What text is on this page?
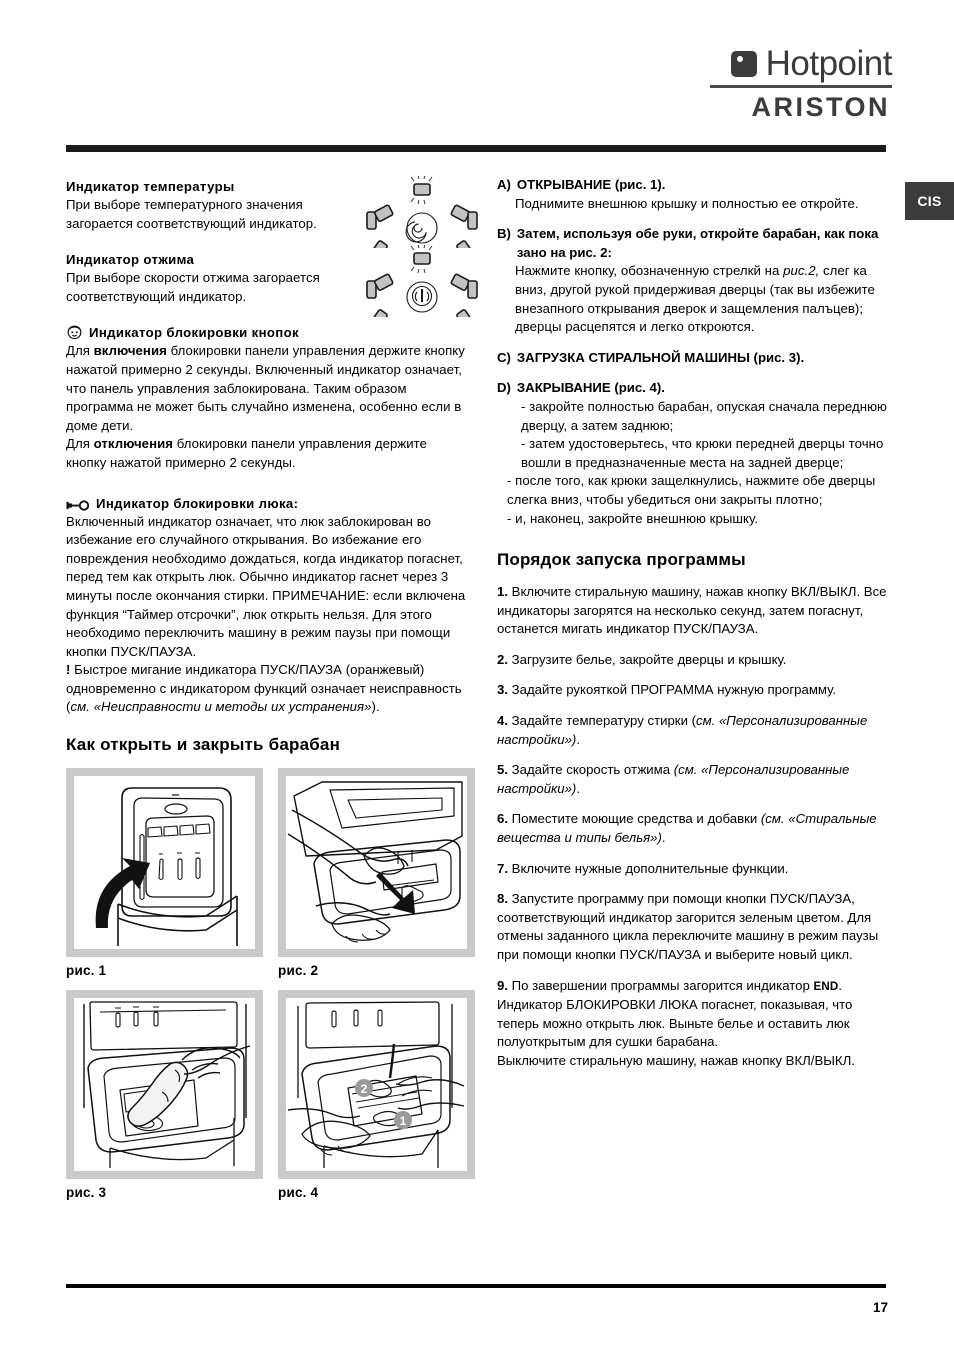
Hotpoint
ARISTON
CIS
Индикатор температуры

При выборе температурного значения загорается соответствующий индикатор.

Индикатор отжима

При выборе скорости отжима загорается соответствующий индикатор.

Индикатор блокировки кнопок

Для включения блокировки панели управления держите кнопку нажатой примерно 2 секунды. Включенный индикатор означает, что панель управления заблокирована. Таким образом программа не может быть случайно изменена, особенно если в доме дети.

Для отключения блокировки панели управления держите кнопку нажатой примерно 2 секунды.

Индикатор блокировки люка:

Включенный индикатор означает, что люк заблокирован во избежание его случайного открывания. Во избежание его повреждения необходимо дождаться, когда индикатор погаснет, перед тем как открыть люк. Обычно индикатор гаснет через 3 минуты после окончания стирки. ПРИМЕЧАНИЕ: если включена функция “Таймер отсрочки”, люк открыть нельзя. Для этого необходимо переключить машину в режим паузы при помощи кнопки ПУСК/ПАУЗА.

! Быстрое мигание индикатора ПУСК/ПАУЗА (оранжевый) одновременно с индикатором функций означает неисправность (см. «Неисправности и методы их устранения»).

Как открыть и закрыть барабан
рис. 1	рис. 2
рис. 3
2
1
рис. 4
A) ОТКРЫВАНИЕ (рис. 1).

Поднимите внешнюю крышку и полностью ее откройте.

B) Затем, используя обе руки, откройте барабан, как пока зано на рис. 2:

Нажмите кнопку, обозначенную стрелкй на рис.2, слег ка вниз, другой рукой придерживая дверцы (так вы избежите внезапного открывания дверок и защемления палъцев); дверцы расцепятся и легко откроются.

C) ЗАГРУЗКА СТИРАЛЬНОЙ МАШИНЫ (рис. 3).
D) ЗАКРЫВАНИЕ (рис. 4).

- закройте полностью барабан, опуская сначала переднюю дверцу, а затем заднюю;

- затем удостоверьтесь, что крюки передней дверцы точно вошли в предназначенные места на задней дверце;

- после того, как крюки защелкнулись, нажмите обе дверцы слегка вниз, чтобы убедиться они закрыты плотно;

- и, наконец, закройте внешнюю крышку.

Порядок запуска программы
1. Включите стиральную машину, нажав кнопку ВКЛ/ВЫКЛ. Все индикаторы загорятся на несколько секунд, затем погаснут, останется мигать индикатор ПУСК/ПАУЗА.
2. Загрузите белье, закройте дверцы и крышку.
3. Задайте рукояткой ПРОГРАММА нужную программу.
4. Задайте температуру стирки (см. «Персонализированные настройки»).
5. Задайте скорость отжима (см. «Персонализированные настройки»).
6. Поместите моющие средства и добавки (см. «Стиральные вещества и типы белья»).
7. Включите нужные дополнительные функции.
8. Запустите программу при помощи кнопки ПУСК/ПАУЗА, соответствующий индикатор загорится зеленым цветом. Для отмены заданного цикла переключите машину в режим паузы при помощи кнопки ПУСК/ПАУЗА и выберите новый цикл.
9. По завершении программы загорится индикатор END. Индикатор БЛОКИРОВКИ ЛЮКА погаснет, показывая, что теперь можно открыть люк. Выньте белье и оставить люк полуоткрытым для сушки барабана.
Выключите стиральную машину, нажав кнопку ВКЛ/ВЫКЛ.
17
